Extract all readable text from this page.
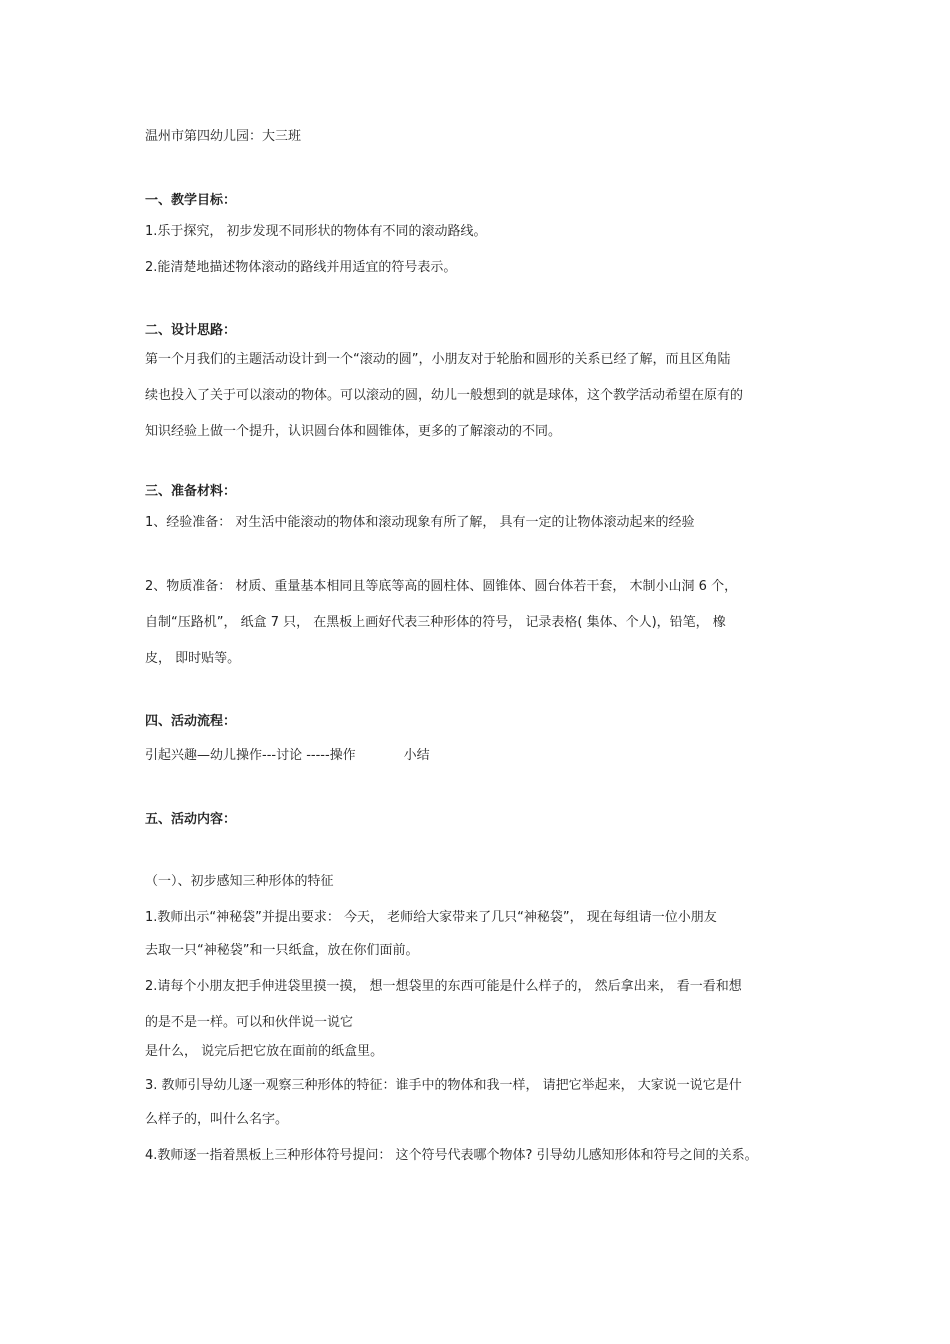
温州市第四幼儿园：大三班
一、教学目标：
1.乐于探究， 初步发现不同形状的物体有不同的滚动路线。
2.能清楚地描述物体滚动的路线并用适宜的符号表示。
二、设计思路：
第一个月我们的主题活动设计到一个“滚动的圆”，小朋友对于轮胎和圆形的关系已经了解，而且区角陆
续也投入了关于可以滚动的物体。可以滚动的圆，幼儿一般想到的就是球体，这个教学活动希望在原有的
知识经验上做一个提升，认识圆台体和圆锥体，更多的了解滚动的不同。
三、准备材料：
1、经验准备： 对生活中能滚动的物体和滚动现象有所了解， 具有一定的让物体滚动起来的经验
2、物质准备： 材质、重量基本相同且等底等高的圆柱体、圆锥体、圆台体若干套， 木制小山洞 6 个，
自制“压路机”， 纸盒 7 只， 在黑板上画好代表三种形体的符号， 记录表格( 集体、个人)，铅笔， 橡
皮， 即时贴等。
四、活动流程：
引起兴趣—幼儿操作---讨论 -----操作	小结
五、活动内容：
（一）、初步感知三种形体的特征
1.教师出示“神秘袋”并提出要求： 今天， 老师给大家带来了几只“神秘袋”， 现在每组请一位小朋友
去取一只“神秘袋”和一只纸盒，放在你们面前。
2.请每个小朋友把手伸进袋里摸一摸， 想一想袋里的东西可能是什么样子的， 然后拿出来， 看一看和想
的是不是一样。可以和伙伴说一说它
是什么， 说完后把它放在面前的纸盒里。
3. 教师引导幼儿逐一观察三种形体的特征：谁手中的物体和我一样， 请把它举起来， 大家说一说它是什
么样子的，叫什么名字。
4.教师逐一指着黑板上三种形体符号提问： 这个符号代表哪个物体? 引导幼儿感知形体和符号之间的关系。
